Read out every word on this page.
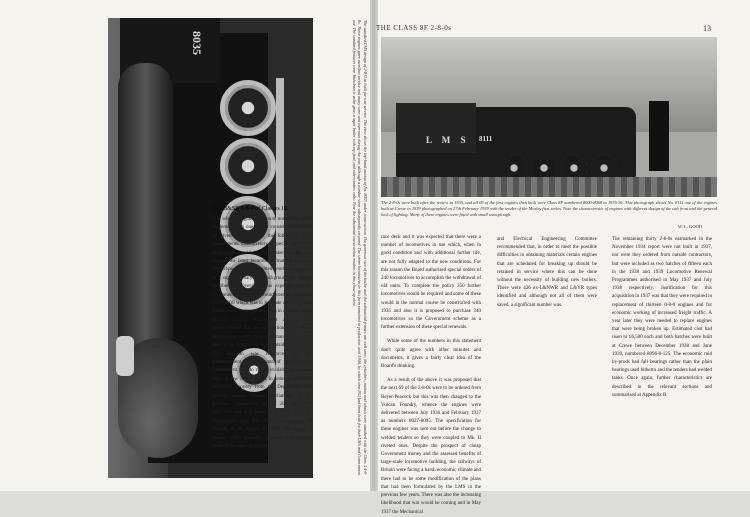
8035	The standard LMS design of 2-8-0 as built for war service. The view shows the left-hand motion of No. 8035 under construction. The generous size of the boiler and the substantial frames are well seen; the cylinders, motion and wheels were standard with the Class 5 4-6-0s. These engines gave excellent service and many were sent overseas during the war, although a number were subsequently returned. The steam locomotive in this form remained in production until 1946, by which time 852 had been built for both LMS and Government use. The standard features were Walschaerts valve gear, a taper boiler with top feed, and side-window cabs. Note the substantial construction evident in this close-up view.
27 LB&SR 0-8-0 of Classes 10

The whole programme would not going to be implemented in one go but consideration would be given each year to the following year's requirements. Concurrently, a special 'speed-test' programme would be undertaken taking into account the latest locomotive financial position. The proposals then submitted would be regarded as a supplementary and background for special distributions. Overall it was expected that the investment programme would cost an estimated £3,876,000 which was to be made as a long term alternative. The programme was in addition to the normal renewal requirement and it was acknowledged that the acquisition of so many locomotives would mean that many lines would need to be summoned from outside contractors. The decision was reinforced by the announcement in the autumn of 1935 that the Government was to make available guaranteed loans at low interest rates in order to stimulate industrial recovery from the Depression. The scheme passed through Parliament as the Railways (Agreement) Act of 20th December 1935 and was anticipated in October when the Government had this. As a consequence of changes in the nature of traffic, the speed of railway traffic generally, a review was recently made of the capacity of the

THE CLASS 8F 2-8-0s	13
L M S 8111
The 2-8-0s were built after the review in 1935, and all 69 of the first engines then built were Class 8F numbered 8000-8068 in 1935-36. This photograph shows No. 8111 one of the engines built at Crewe in 1939 photographed on 27th February 1939 with the tender of the Mosley first series. Note the characteristic of engines with different design of the cab front and the general lack of lighting. Many of these engines were fitted with small snowplough.
W. L. GOOD

race deck and it was expected that there were a number of locomotives in use which, when in good condition and with additional further life, are not fully adapted to the new conditions. For this reason the Board authorised special orders of 240 locomotives to accomplish the withdrawal of old units. To complete the policy 350 further locomotives would be required and some of these would in the normal course be constructed with 1935 and also it is proposed to purchase 340 locomotives so the Government scheme as a further extension of these special renewals.

While some of the numbers in this statement don't quite agree with other minutes and documents, it gives a fairly clear idea of the Board's thinking.

As a result of the above it was proposed that the next 69 of the 2-8-0s were to be ordered from Beyer-Peacock but this was then changed to the Vulcan Foundry, whence the engines were delivered between July 1936 and February 1937 as numbers 8027-8095. The specification for these engines was sent out before the change to welded tenders so they were coupled to Mk. II riveted ones. Despite the prospect of cheap Government money and the assessed benefits of large-scale locomotive building, the railways of Britain were facing a harsh economic climate and there had to be some modification of the plans that had been formulated by the LMS in the previous few years. There was also the increasing likelihood that war would be coming and in May 1937 the Mechanical

and Electrical Engineering Committee recommended that, in order to meet the possible difficulties in obtaining materials certain engines that are scheduled for breaking up should be retained in service where this can be done without the necessity of building new boilers. There were 426 ex-L&NWR and L&YR types identified and although not all of them were saved, a significant number was.

The remaining thirty 2-8-0s earmarked in the November 1934 report were not built in 1937, nor were they ordered from outside contractors, but were included as two batches of fifteen each in the 1938 and 1939 Locomotive Renewal Programmes authorised in May 1937 and July 1938 respectively. Justification for this acquisition in 1937 was that they were required in replacement of thirteen 0-8-0 engines and for economic working of increased freight traffic. A year later they were needed to replace engines that were being broken up. Estimated cost had risen to £6,500 each and both batches were built at Crewe between December 1938 and June 1939, numbered 8096-8-125. The economic mid by-prods had fall bearings rather than the plain bearings used hitherto and the tenders had welded tanks. Once again, further characteristics are described in the relevant sections and summarised at Appendix B.
